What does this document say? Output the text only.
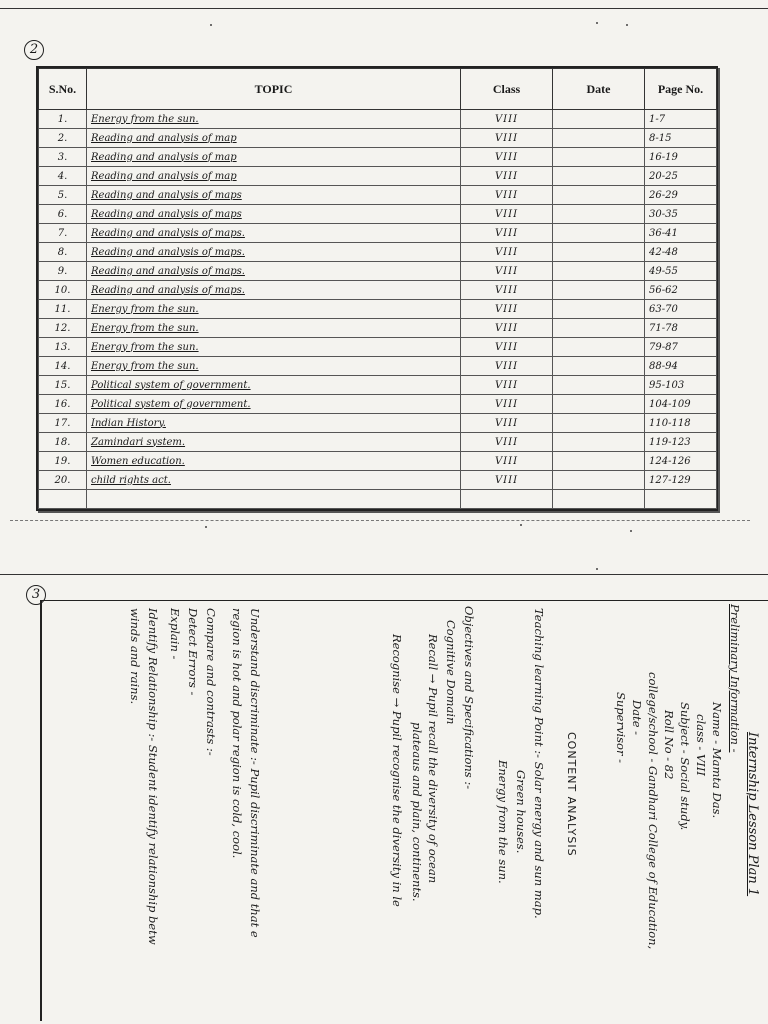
2
3
S.No.	TOPIC	Class	Date	Page No.
1.	Energy from the sun.	VIII		1-7
2.	Reading and analysis of map	VIII		8-15
3.	Reading and analysis of map	VIII		16-19
4.	Reading and analysis of map	VIII		20-25
5.	Reading and analysis of maps	VIII		26-29
6.	Reading and analysis of maps	VIII		30-35
7.	Reading and analysis of maps.	VIII		36-41
8.	Reading and analysis of maps.	VIII		42-48
9.	Reading and analysis of maps.	VIII		49-55
10.	Reading and analysis of maps.	VIII		56-62
11.	Energy from the sun.	VIII		63-70
12.	Energy from the sun.	VIII		71-78
13.	Energy from the sun.	VIII		79-87
14.	Energy from the sun.	VIII		88-94
15.	Political system of government.	VIII		95-103
16.	Political system of government.	VIII		104-109
17.	Indian History.	VIII		110-118
18.	Zamindari system.	VIII		119-123
19.	Women education.	VIII		124-126
20.	child rights act.	VIII		127-129

Internship Lesson Plan 1
Preliminary Information -
Name - Mamta Das.
class - VIII
Subject - Social study.
Roll No - 82
college/school - Gandhari College of Education,
Date -
Supervisor -
CONTENT ANALYSIS
Teaching learning Point :- Solar energy and sun map.
Green houses.
Energy from the sun.
Objectives and Specifications :-
Cognitive Domain
Recall → Pupil recall the diversity of ocean
plateaus and plain, continents.
Recognise → Pupil recognise the diversity in le
Understand discriminate :- Pupil discriminate and that e
region is hot and polar region is cold, cool.
Compare and contrasts :-
Detect Errors -
Explain -
Identify Relationship :- Student identify relationship betw
winds and rains.
